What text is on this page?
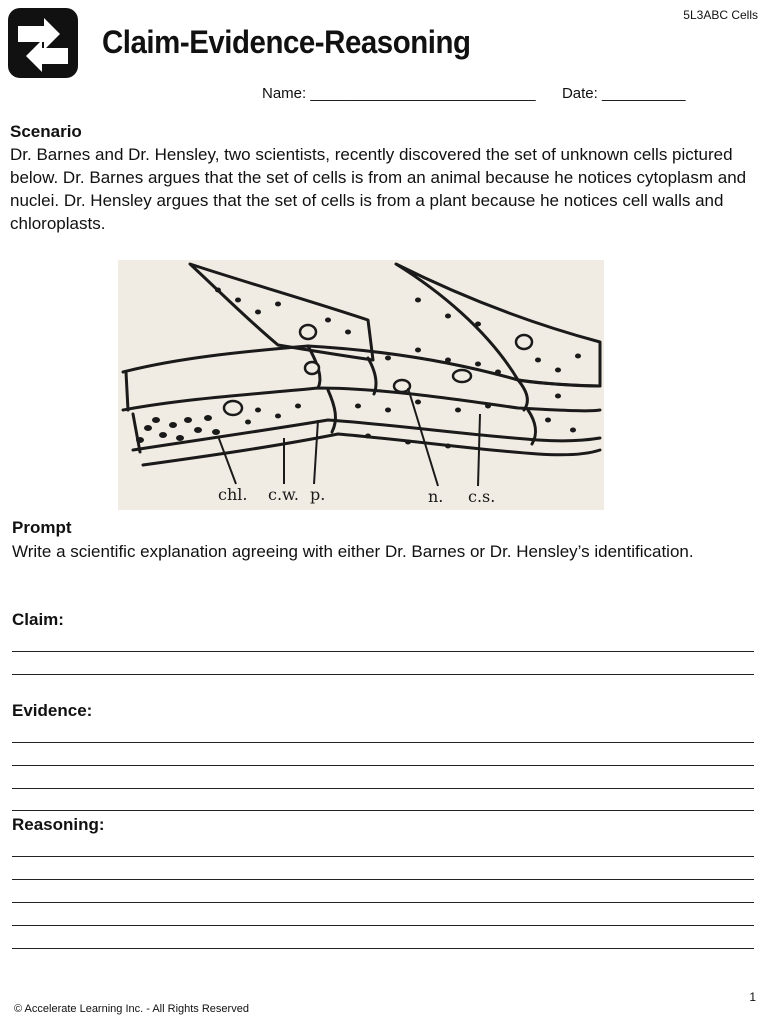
5L3ABC Cells
Claim-Evidence-Reasoning
Name: ___________________________ Date: __________
Scenario
Dr. Barnes and Dr. Hensley, two scientists, recently discovered the set of unknown cells pictured below. Dr. Barnes argues that the set of cells is from an animal because he notices cytoplasm and nuclei. Dr. Hensley argues that the set of cells is from a plant because he notices cell walls and chloroplasts.
chl. c.w. p.	n. c.s.
Prompt
Write a scientific explanation agreeing with either Dr. Barnes or Dr. Hensley’s identification.
Claim:
Evidence:
Reasoning:
1
© Accelerate Learning Inc. - All Rights Reserved
